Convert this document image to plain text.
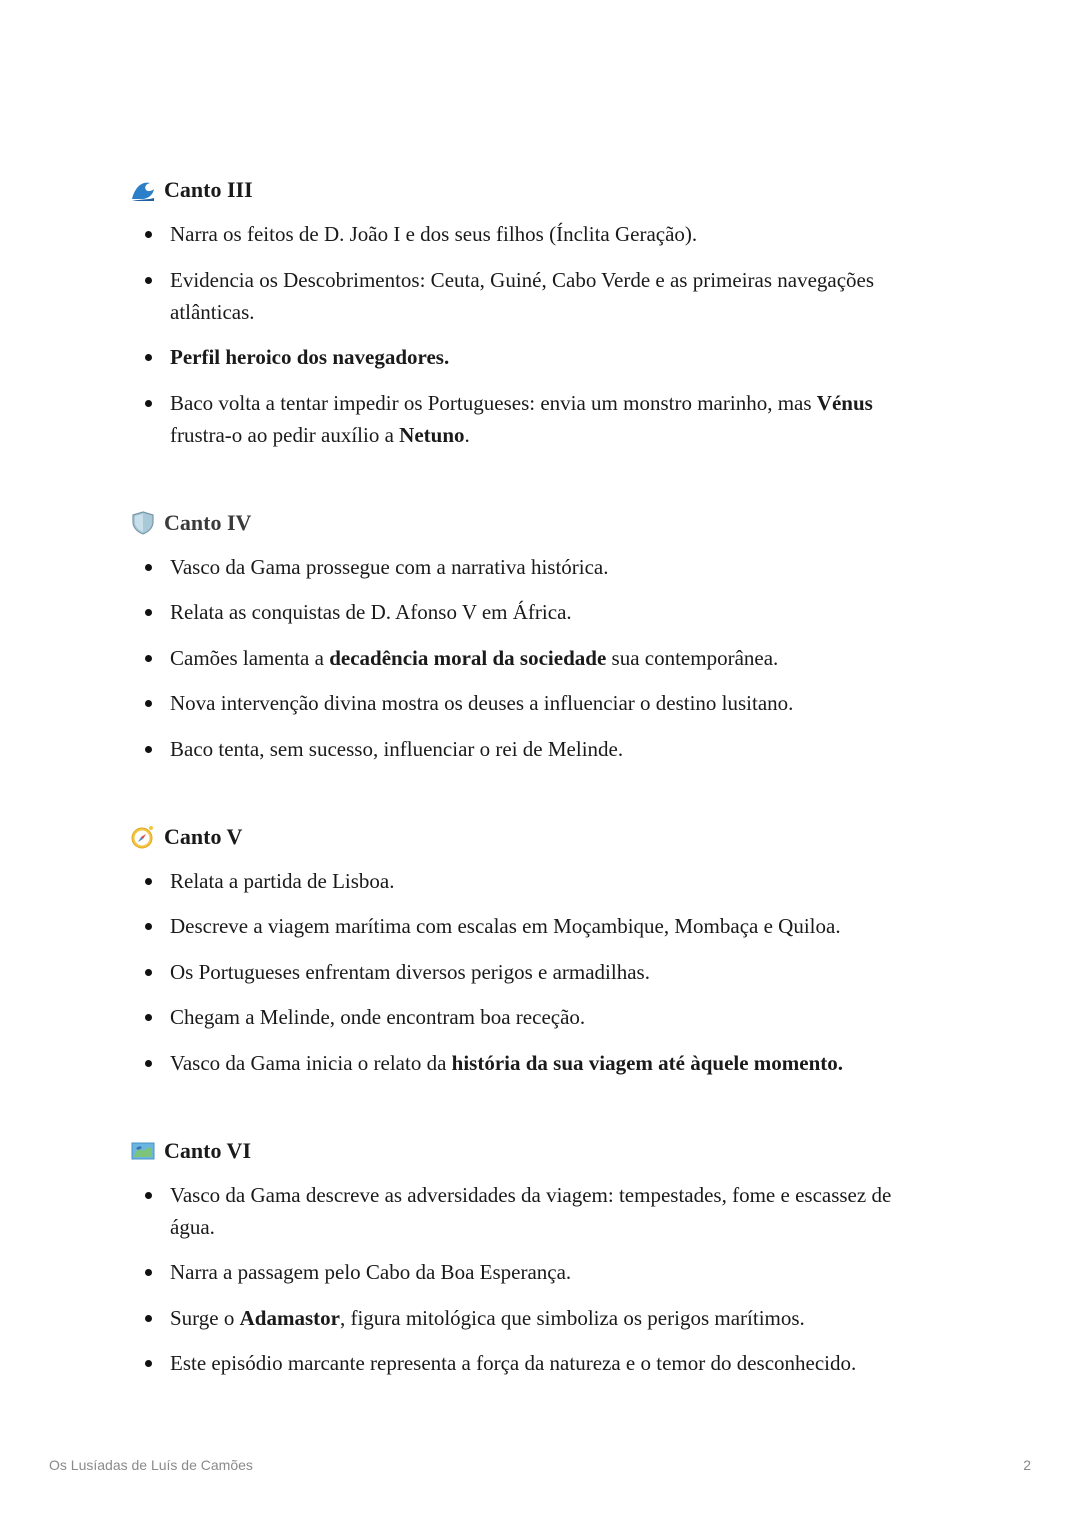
Canto III
Narra os feitos de D. João I e dos seus filhos (Ínclita Geração).
Evidencia os Descobrimentos: Ceuta, Guiné, Cabo Verde e as primeiras navegações atlânticas.
Perfil heroico dos navegadores.
Baco volta a tentar impedir os Portugueses: envia um monstro marinho, mas Vénus frustra-o ao pedir auxílio a Netuno.
Canto IV
Vasco da Gama prossegue com a narrativa histórica.
Relata as conquistas de D. Afonso V em África.
Camões lamenta a decadência moral da sociedade sua contemporânea.
Nova intervenção divina mostra os deuses a influenciar o destino lusitano.
Baco tenta, sem sucesso, influenciar o rei de Melinde.
Canto V
Relata a partida de Lisboa.
Descreve a viagem marítima com escalas em Moçambique, Mombaça e Quiloa.
Os Portugueses enfrentam diversos perigos e armadilhas.
Chegam a Melinde, onde encontram boa receção.
Vasco da Gama inicia o relato da história da sua viagem até àquele momento.
Canto VI
Vasco da Gama descreve as adversidades da viagem: tempestades, fome e escassez de água.
Narra a passagem pelo Cabo da Boa Esperança.
Surge o Adamastor, figura mitológica que simboliza os perigos marítimos.
Este episódio marcante representa a força da natureza e o temor do desconhecido.
Os Lusíadas de Luís de Camões	2
